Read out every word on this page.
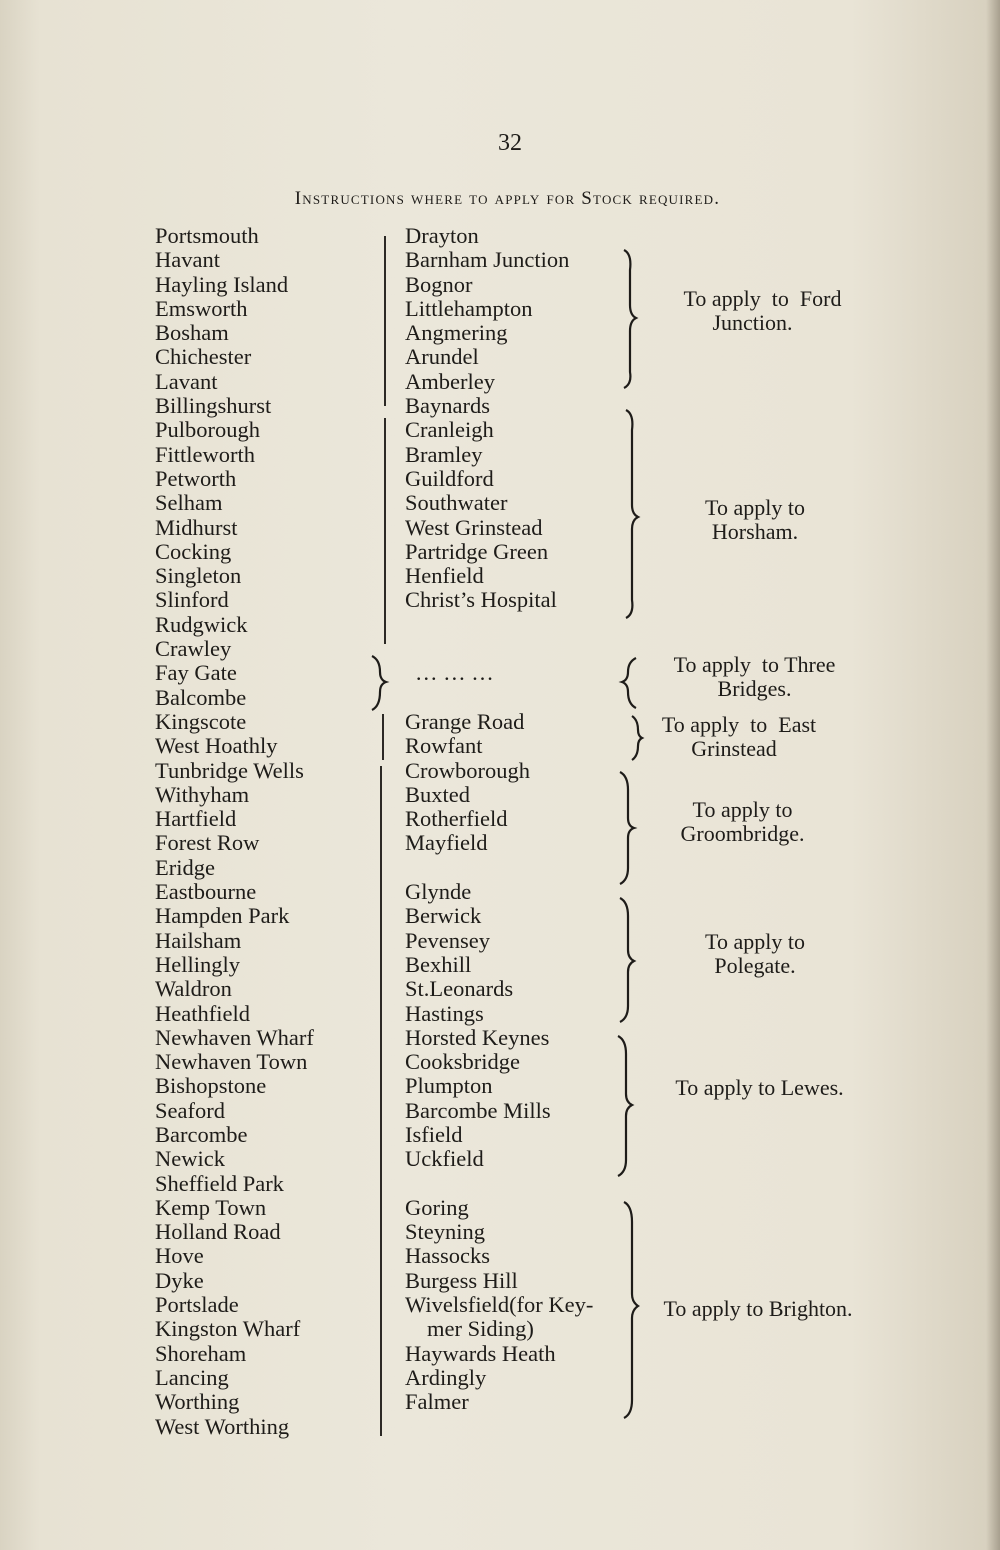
32
Instructions where to apply for Stock required.
Portsmouth
Havant
Hayling Island
Emsworth
Bosham
Chichester
Lavant
Billingshurst
Pulborough
Fittleworth
Petworth
Selham
Midhurst
Cocking
Singleton
Slinford
Rudgwick
Crawley
Fay Gate
Balcombe
Kingscote
West Hoathly
Tunbridge Wells
Withyham
Hartfield
Forest Row
Eridge
Eastbourne
Hampden Park
Hailsham
Hellingly
Waldron
Heathfield
Newhaven Wharf
Newhaven Town
Bishopstone
Seaford
Barcombe
Newick
Sheffield Park
Kemp Town
Holland Road
Hove
Dyke
Portslade
Kingston Wharf
Shoreham
Lancing
Worthing
West Worthing
Drayton
Barnham Junction
Bognor
Littlehampton
Angmering
Arundel
Amberley
Baynards
Cranleigh
Bramley
Guildford
Southwater
West Grinstead
Partridge Green
Henfield
Christ’s Hospital

… … …

Grange Road
Rowfant
Crowborough
Buxted
Rotherfield
Mayfield

Glynde
Berwick
Pevensey
Bexhill
St.Leonards
Hastings
Horsted Keynes
Cooksbridge
Plumpton
Barcombe Mills
Isfield
Uckfield

Goring
Steyning
Hassocks
Burgess Hill
Wivelsfield(for Key-
mer Siding)
Haywards Heath
Ardingly
Falmer
To apply  to  Ford
Junction.
To apply to
Horsham.
To apply  to Three
Bridges.
To apply  to  East
Grinstead
To apply to
Groombridge.
To apply to
Polegate.
To apply to Lewes.
To apply to Brighton.
